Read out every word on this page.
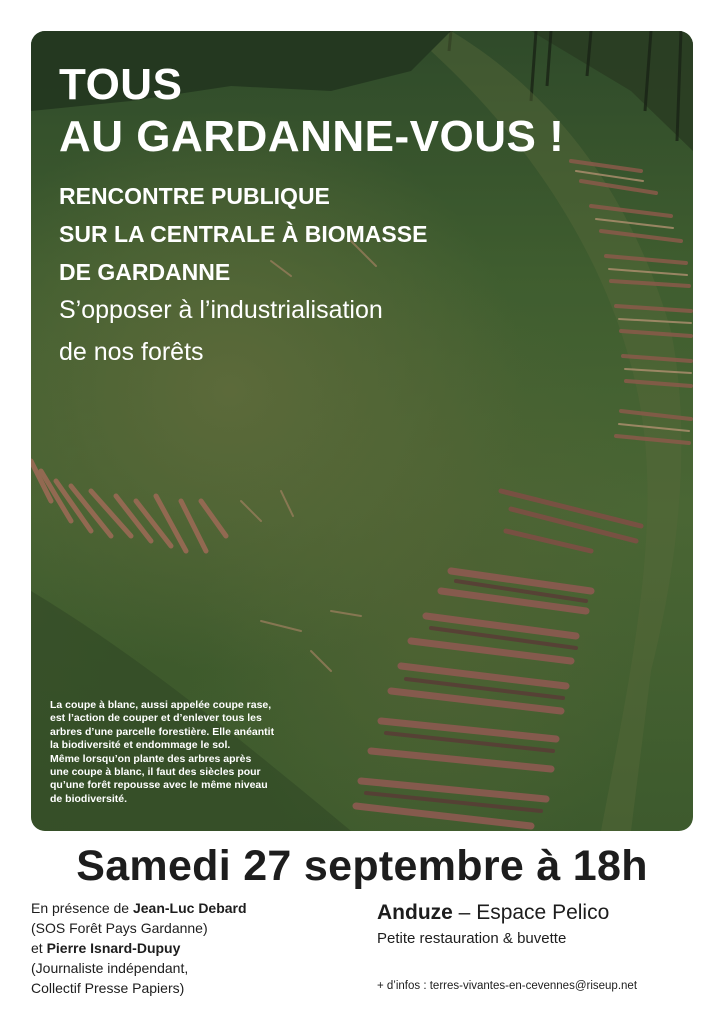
TOUS
AU GARDANNE-VOUS !
RENCONTRE PUBLIQUE
SUR LA CENTRALE À BIOMASSE
DE GARDANNE

S’opposer à l’industrialisation
de nos forêts

La coupe à blanc, aussi appelée coupe rase,
est l’action de couper et d’enlever tous les
arbres d’une parcelle forestière. Elle anéantit
la biodiversité et endommage le sol.
Même lorsqu’on plante des arbres après
une coupe à blanc, il faut des siècles pour
qu’une forêt repousse avec le même niveau
de biodiversité.

Samedi 27 septembre à 18h

En présence de Jean-Luc Debard
(SOS Forêt Pays Gardanne)
et Pierre Isnard-Dupuy
(Journaliste indépendant,
Collectif Presse Papiers)
Anduze – Espace Pelico
Petite restauration & buvette
+ d’infos : terres-vivantes-en-cevennes@riseup.net
